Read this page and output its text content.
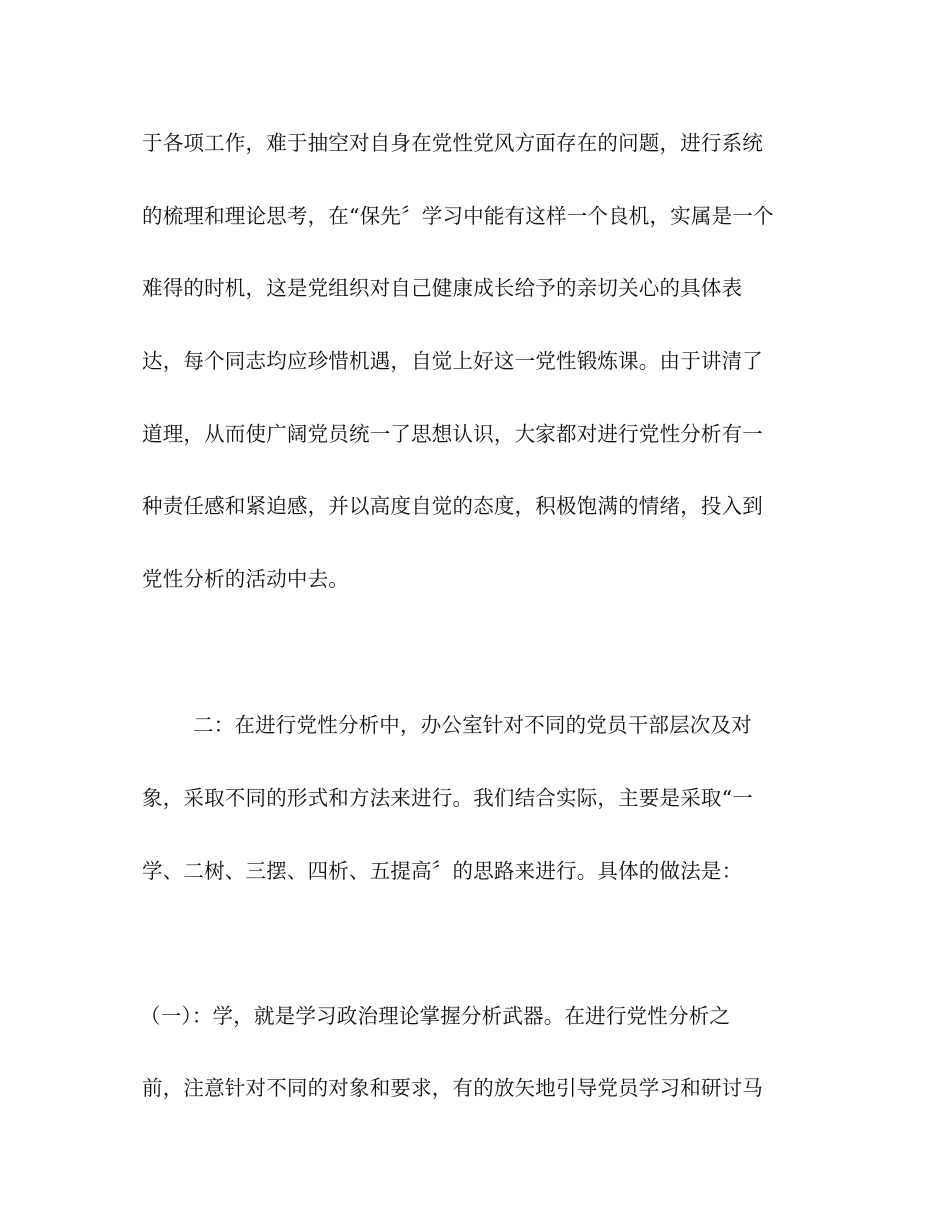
于各项工作，难于抽空对自身在党性党风方面存在的问题，进行系统
的梳理和理论思考，在“保先〞学习中能有这样一个良机，实属是一个
难得的时机，这是党组织对自己健康成长给予的亲切关心的具体表
达，每个同志均应珍惜机遇，自觉上好这一党性锻炼课。由于讲清了
道理，从而使广阔党员统一了思想认识，大家都对进行党性分析有一
种责任感和紧迫感，并以高度自觉的态度，积极饱满的情绪，投入到
党性分析的活动中去。
二：在进行党性分析中，办公室针对不同的党员干部层次及对
象，采取不同的形式和方法来进行。我们结合实际，主要是采取“一
学、二树、三摆、四析、五提高〞的思路来进行。具体的做法是：
（一）：学，就是学习政治理论掌握分析武器。在进行党性分析之
前，注意针对不同的对象和要求，有的放矢地引导党员学习和研讨马
